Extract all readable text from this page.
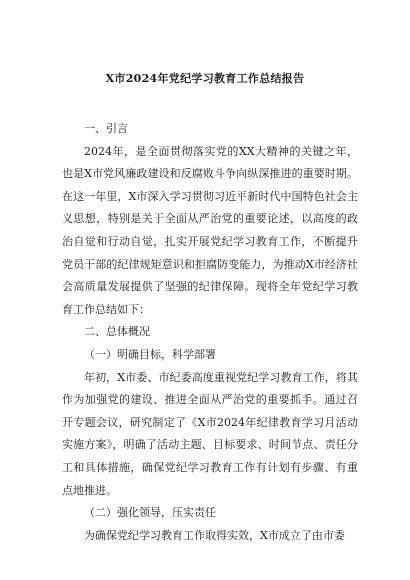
X市2024年党纪学习教育工作总结报告

一、引言

2024年，是全面贯彻落实党的XX大精神的关键之年，也是X市党风廉政建设和反腐败斗争向纵深推进的重要时期。在这一年里，X市深入学习贯彻习近平新时代中国特色社会主义思想，特别是关于全面从严治党的重要论述，以高度的政治自觉和行动自觉，扎实开展党纪学习教育工作，不断提升党员干部的纪律规矩意识和拒腐防变能力，为推动X市经济社会高质量发展提供了坚强的纪律保障。现将全年党纪学习教育工作总结如下：

二、总体概况

（一）明确目标，科学部署

年初，X市委、市纪委高度重视党纪学习教育工作，将其作为加强党的建设、推进全面从严治党的重要抓手。通过召开专题会议，研究制定了《X市2024年纪律教育学习月活动实施方案》，明确了活动主题、目标要求、时间节点、责任分工和具体措施，确保党纪学习教育工作有计划有步骤、有重点地推进。

（二）强化领导，压实责任

为确保党纪学习教育工作取得实效，X市成立了由市委
